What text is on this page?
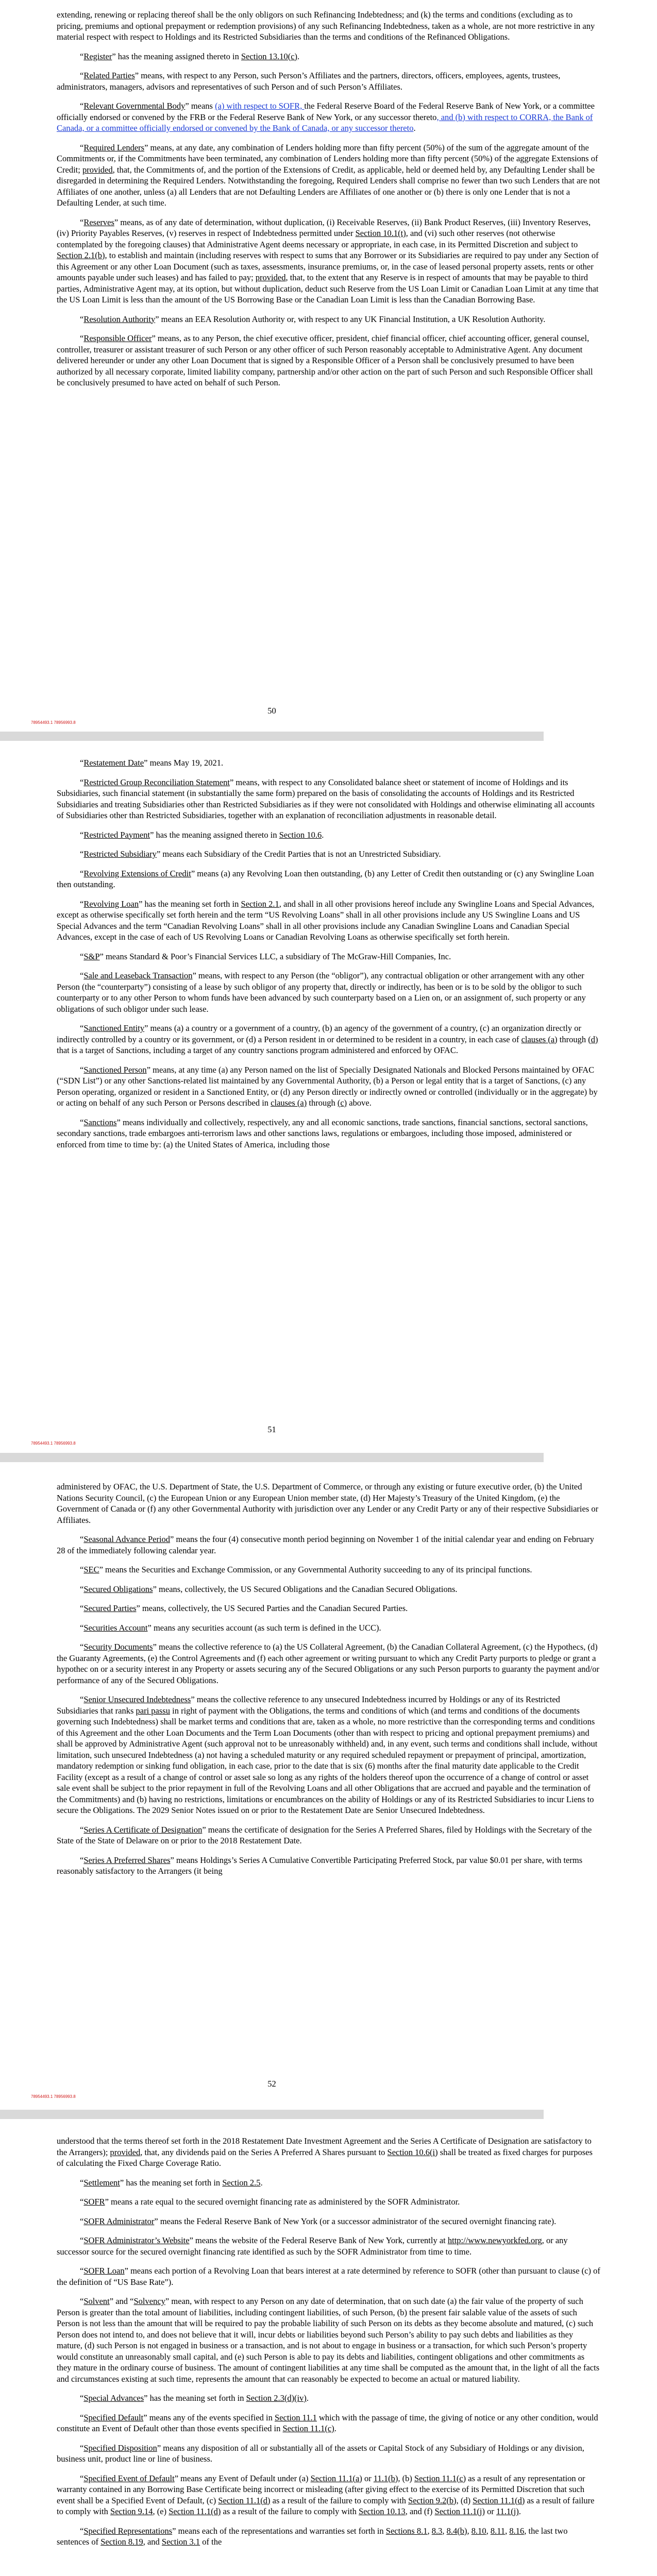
extending, renewing or replacing thereof shall be the only obligors on such Refinancing Indebtedness; and (k) the terms and conditions (excluding as to pricing, premiums and optional prepayment or redemption provisions) of any such Refinancing Indebtedness, taken as a whole, are not more restrictive in any material respect with respect to Holdings and its Restricted Subsidiaries than the terms and conditions of the Refinanced Obligations.

“Register” has the meaning assigned thereto in Section 13.10(c).

“Related Parties” means, with respect to any Person, such Person’s Affiliates and the partners, directors, officers, employees, agents, trustees, administrators, managers, advisors and representatives of such Person and of such Person’s Affiliates.

“Relevant Governmental Body” means (a) with respect to SOFR, the Federal Reserve Board of the Federal Reserve Bank of New York, or a committee officially endorsed or convened by the FRB or the Federal Reserve Bank of New York, or any successor thereto, and (b) with respect to CORRA, the Bank of Canada, or a committee officially endorsed or convened by the Bank of Canada, or any successor thereto.

“Required Lenders” means, at any date, any combination of Lenders holding more than fifty percent (50%) of the sum of the aggregate amount of the Commitments or, if the Commitments have been terminated, any combination of Lenders holding more than fifty percent (50%) of the aggregate Extensions of Credit; provided, that, the Commitments of, and the portion of the Extensions of Credit, as applicable, held or deemed held by, any Defaulting Lender shall be disregarded in determining the Required Lenders. Notwithstanding the foregoing, Required Lenders shall comprise no fewer than two such Lenders that are not Affiliates of one another, unless (a) all Lenders that are not Defaulting Lenders are Affiliates of one another or (b) there is only one Lender that is not a Defaulting Lender, at such time.

“Reserves” means, as of any date of determination, without duplication, (i) Receivable Reserves, (ii) Bank Product Reserves, (iii) Inventory Reserves, (iv) Priority Payables Reserves, (v) reserves in respect of Indebtedness permitted under Section 10.1(t), and (vi) such other reserves (not otherwise contemplated by the foregoing clauses) that Administrative Agent deems necessary or appropriate, in each case, in its Permitted Discretion and subject to Section 2.1(b), to establish and maintain (including reserves with respect to sums that any Borrower or its Subsidiaries are required to pay under any Section of this Agreement or any other Loan Document (such as taxes, assessments, insurance premiums, or, in the case of leased personal property assets, rents or other amounts payable under such leases) and has failed to pay; provided, that, to the extent that any Reserve is in respect of amounts that may be payable to third parties, Administrative Agent may, at its option, but without duplication, deduct such Reserve from the US Loan Limit or Canadian Loan Limit at any time that the US Loan Limit is less than the amount of the US Borrowing Base or the Canadian Loan Limit is less than the Canadian Borrowing Base.

“Resolution Authority” means an EEA Resolution Authority or, with respect to any UK Financial Institution, a UK Resolution Authority.

“Responsible Officer” means, as to any Person, the chief executive officer, president, chief financial officer, chief accounting officer, general counsel, controller, treasurer or assistant treasurer of such Person or any other officer of such Person reasonably acceptable to Administrative Agent. Any document delivered hereunder or under any other Loan Document that is signed by a Responsible Officer of a Person shall be conclusively presumed to have been authorized by all necessary corporate, limited liability company, partnership and/or other action on the part of such Person and such Responsible Officer shall be conclusively presumed to have acted on behalf of such Person.

50
78954493.1 78956993.8

“Restatement Date” means May 19, 2021.

“Restricted Group Reconciliation Statement” means, with respect to any Consolidated balance sheet or statement of income of Holdings and its Subsidiaries, such financial statement (in substantially the same form) prepared on the basis of consolidating the accounts of Holdings and its Restricted Subsidiaries and treating Subsidiaries other than Restricted Subsidiaries as if they were not consolidated with Holdings and otherwise eliminating all accounts of Subsidiaries other than Restricted Subsidiaries, together with an explanation of reconciliation adjustments in reasonable detail.

“Restricted Payment” has the meaning assigned thereto in Section 10.6.

“Restricted Subsidiary” means each Subsidiary of the Credit Parties that is not an Unrestricted Subsidiary.

“Revolving Extensions of Credit” means (a) any Revolving Loan then outstanding, (b) any Letter of Credit then outstanding or (c) any Swingline Loan then outstanding.

“Revolving Loan” has the meaning set forth in Section 2.1, and shall in all other provisions hereof include any Swingline Loans and Special Advances, except as otherwise specifically set forth herein and the term “US Revolving Loans” shall in all other provisions include any US Swingline Loans and US Special Advances and the term “Canadian Revolving Loans” shall in all other provisions include any Canadian Swingline Loans and Canadian Special Advances, except in the case of each of US Revolving Loans or Canadian Revolving Loans as otherwise specifically set forth herein.

“S&P” means Standard & Poor’s Financial Services LLC, a subsidiary of The McGraw-Hill Companies, Inc.

“Sale and Leaseback Transaction” means, with respect to any Person (the “obligor”), any contractual obligation or other arrangement with any other Person (the “counterparty”) consisting of a lease by such obligor of any property that, directly or indirectly, has been or is to be sold by the obligor to such counterparty or to any other Person to whom funds have been advanced by such counterparty based on a Lien on, or an assignment of, such property or any obligations of such obligor under such lease.

“Sanctioned Entity” means (a) a country or a government of a country, (b) an agency of the government of a country, (c) an organization directly or indirectly controlled by a country or its government, or (d) a Person resident in or determined to be resident in a country, in each case of clauses (a) through (d) that is a target of Sanctions, including a target of any country sanctions program administered and enforced by OFAC.

“Sanctioned Person” means, at any time (a) any Person named on the list of Specially Designated Nationals and Blocked Persons maintained by OFAC (“SDN List”) or any other Sanctions-related list maintained by any Governmental Authority, (b) a Person or legal entity that is a target of Sanctions, (c) any Person operating, organized or resident in a Sanctioned Entity, or (d) any Person directly or indirectly owned or controlled (individually or in the aggregate) by or acting on behalf of any such Person or Persons described in clauses (a) through (c) above.

“Sanctions” means individually and collectively, respectively, any and all economic sanctions, trade sanctions, financial sanctions, sectoral sanctions, secondary sanctions, trade embargoes anti-terrorism laws and other sanctions laws, regulations or embargoes, including those imposed, administered or enforced from time to time by: (a) the United States of America, including those

51
78954493.1 78956993.8

administered by OFAC, the U.S. Department of State, the U.S. Department of Commerce, or through any existing or future executive order, (b) the United Nations Security Council, (c) the European Union or any European Union member state, (d) Her Majesty’s Treasury of the United Kingdom, (e) the Government of Canada or (f) any other Governmental Authority with jurisdiction over any Lender or any Credit Party or any of their respective Subsidiaries or Affiliates.

“Seasonal Advance Period” means the four (4) consecutive month period beginning on November 1 of the initial calendar year and ending on February 28 of the immediately following calendar year.

“SEC” means the Securities and Exchange Commission, or any Governmental Authority succeeding to any of its principal functions.

“Secured Obligations” means, collectively, the US Secured Obligations and the Canadian Secured Obligations.

“Secured Parties” means, collectively, the US Secured Parties and the Canadian Secured Parties.

“Securities Account” means any securities account (as such term is defined in the UCC).

“Security Documents” means the collective reference to (a) the US Collateral Agreement, (b) the Canadian Collateral Agreement, (c) the Hypothecs, (d) the Guaranty Agreements, (e) the Control Agreements and (f) each other agreement or writing pursuant to which any Credit Party purports to pledge or grant a hypothec on or a security interest in any Property or assets securing any of the Secured Obligations or any such Person purports to guaranty the payment and/or performance of any of the Secured Obligations.

“Senior Unsecured Indebtedness” means the collective reference to any unsecured Indebtedness incurred by Holdings or any of its Restricted Subsidiaries that ranks pari passu in right of payment with the Obligations, the terms and conditions of which (and terms and conditions of the documents governing such Indebtedness) shall be market terms and conditions that are, taken as a whole, no more restrictive than the corresponding terms and conditions of this Agreement and the other Loan Documents and the Term Loan Documents (other than with respect to pricing and optional prepayment premiums) and shall be approved by Administrative Agent (such approval not to be unreasonably withheld) and, in any event, such terms and conditions shall include, without limitation, such unsecured Indebtedness (a) not having a scheduled maturity or any required scheduled repayment or prepayment of principal, amortization, mandatory redemption or sinking fund obligation, in each case, prior to the date that is six (6) months after the final maturity date applicable to the Credit Facility (except as a result of a change of control or asset sale so long as any rights of the holders thereof upon the occurrence of a change of control or asset sale event shall be subject to the prior repayment in full of the Revolving Loans and all other Obligations that are accrued and payable and the termination of the Commitments) and (b) having no restrictions, limitations or encumbrances on the ability of Holdings or any of its Restricted Subsidiaries to incur Liens to secure the Obligations. The 2029 Senior Notes issued on or prior to the Restatement Date are Senior Unsecured Indebtedness.

“Series A Certificate of Designation” means the certificate of designation for the Series A Preferred Shares, filed by Holdings with the Secretary of the State of the State of Delaware on or prior to the 2018 Restatement Date.

“Series A Preferred Shares” means Holdings’s Series A Cumulative Convertible Participating Preferred Stock, par value $0.01 per share, with terms reasonably satisfactory to the Arrangers (it being

52
78954493.1 78956993.8

understood that the terms thereof set forth in the 2018 Restatement Date Investment Agreement and the Series A Certificate of Designation are satisfactory to the Arrangers); provided, that, any dividends paid on the Series A Preferred A Shares pursuant to Section 10.6(i) shall be treated as fixed charges for purposes of calculating the Fixed Charge Coverage Ratio.

“Settlement” has the meaning set forth in Section 2.5.

“SOFR” means a rate equal to the secured overnight financing rate as administered by the SOFR Administrator.

“SOFR Administrator” means the Federal Reserve Bank of New York (or a successor administrator of the secured overnight financing rate).

“SOFR Administrator’s Website” means the website of the Federal Reserve Bank of New York, currently at http://www.newyorkfed.org, or any successor source for the secured overnight financing rate identified as such by the SOFR Administrator from time to time.

“SOFR Loan” means each portion of a Revolving Loan that bears interest at a rate determined by reference to SOFR (other than pursuant to clause (c) of the definition of “US Base Rate”).

“Solvent” and “Solvency” mean, with respect to any Person on any date of determination, that on such date (a) the fair value of the property of such Person is greater than the total amount of liabilities, including contingent liabilities, of such Person, (b) the present fair salable value of the assets of such Person is not less than the amount that will be required to pay the probable liability of such Person on its debts as they become absolute and matured, (c) such Person does not intend to, and does not believe that it will, incur debts or liabilities beyond such Person’s ability to pay such debts and liabilities as they mature, (d) such Person is not engaged in business or a transaction, and is not about to engage in business or a transaction, for which such Person’s property would constitute an unreasonably small capital, and (e) such Person is able to pay its debts and liabilities, contingent obligations and other commitments as they mature in the ordinary course of business. The amount of contingent liabilities at any time shall be computed as the amount that, in the light of all the facts and circumstances existing at such time, represents the amount that can reasonably be expected to become an actual or matured liability.

“Special Advances” has the meaning set forth in Section 2.3(d)(iv).

“Specified Default” means any of the events specified in Section 11.1 which with the passage of time, the giving of notice or any other condition, would constitute an Event of Default other than those events specified in Section 11.1(c).

“Specified Disposition” means any disposition of all or substantially all of the assets or Capital Stock of any Subsidiary of Holdings or any division, business unit, product line or line of business.

“Specified Event of Default” means any Event of Default under (a) Section 11.1(a) or 11.1(b), (b) Section 11.1(c) as a result of any representation or warranty contained in any Borrowing Base Certificate being incorrect or misleading (after giving effect to the exercise of its Permitted Discretion that such event shall be a Specified Event of Default, (c) Section 11.1(d) as a result of the failure to comply with Section 9.2(b), (d) Section 11.1(d) as a result of failure to comply with Section 9.14, (e) Section 11.1(d) as a result of the failure to comply with Section 10.13, and (f) Section 11.1(j) or 11.1(j).

“Specified Representations” means each of the representations and warranties set forth in Sections 8.1, 8.3, 8.4(b), 8.10, 8.11, 8.16, the last two sentences of Section 8.19, and Section 3.1 of the
